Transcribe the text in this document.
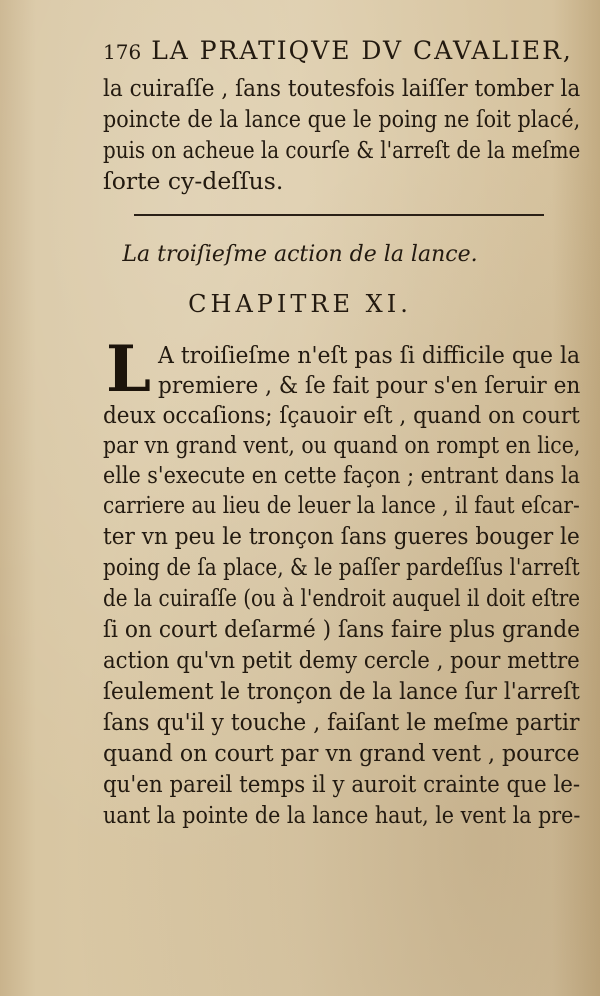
176 LA PRATIQVE DV CAVALIER,
la cuiraſſe , ſans toutesfois laiſſer tomber la
poincte de la lance que le poing ne ſoit placé,
puis on acheue la courſe & l'arreſt de la meſme
ſorte cy-deſſus.
La troiſieſme action de la lance.
CHAPITRE XI.
L A troiſieſme n'eſt pas ſi difficile que la
premiere , & ſe fait pour s'en ſeruir en
deux occaſions; ſçauoir eſt , quand on court
par vn grand vent, ou quand on rompt en lice,
elle s'execute en cette façon ; entrant dans la
carriere au lieu de leuer la lance , il faut eſcar-
ter vn peu le tronçon ſans gueres bouger le
poing de ſa place, & le paſſer pardeſſus l'arreſt
de la cuiraſſe (ou à l'endroit auquel il doit eſtre
ſi on court deſarmé ) ſans faire plus grande
action qu'vn petit demy cercle , pour mettre
ſeulement le tronçon de la lance ſur l'arreſt
ſans qu'il y touche , faiſant le meſme partir
quand on court par vn grand vent , pource
qu'en pareil temps il y auroit crainte que le-
uant la pointe de la lance haut, le vent la pre-
